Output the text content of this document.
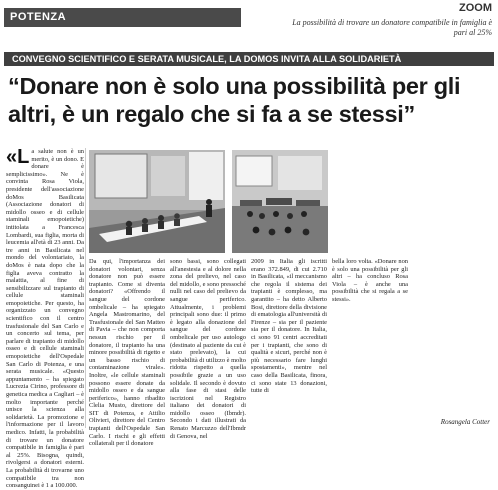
POTENZA
ZOOM
La possibilità di trovare un donatore compatibile in famiglia è pari al 25%
CONVEGNO SCIENTIFICO E SERATA MUSICALE, LA DOMOS INVITA ALLA SOLIDARIETÀ
“Donare non è solo una possibilità per gli altri, è un regalo che si fa a se stessi”
«La salute non è un merito, è un dono. E donare è semplicissimo». Ne è convinta Rosa Viola, presidente dell'associazione doMos Basilicata (Associazione donatori di midollo osseo e di cellule staminali emopoietiche) intitolata a Francesca Lombardi, sua figlia, morta di leucemia all'età di 23 anni. Da tre anni in Basilicata nel mondo del volontariato, la doMos è nata dopo che la figlia aveva contratto la malattia, al fine di sensibilizzare sul trapianto di cellule staminali emopoietiche. Per questo, ha organizzato un convegno scientifico con il centro trasfusionale del San Carlo e un concerto sul tema, per parlare di trapianto di midollo osseo e di cellule staminali emopoietiche dell'Ospedale San Carlo di Potenza, e una serata musicale. «Questo appuntamento – ha spiegato Lucrezia Cirino, professore di genetica medica a Cagliari – è molto importante perché unisce la scienza alla solidarietà. La promozione e l'informazione per il lavoro medico. Infatti, la probabilità di trovare un donatore compatibile in famiglia è pari al 25%. Bisogna, quindi, rivolgersi a donatori esterni. La probabilità di trovarne uno compatibile tra non consanguinei è 1 a 100.000.
Da qui, l'importanza dei donatori volontari, senza donatore non può essere trapianto. Come si diventa donatori? «Offrendo il sangue del cordone ombelicale – ha spiegato Angela Mastromarino, del Trasfusionale del San Matteo di Pavia – che non comporta nessun rischio per il donatore, il trapianto ha una minore possibilità di rigetto e un basso rischio di contaminazione virale». Inoltre, «le cellule staminali possono essere donate da midollo osseo e da sangue periferico», hanno ribadito Clelia Musto, direttore del SIT di Potenza, e Attilio Olivieri, direttore del Centro trapianti dell'Ospedale San Carlo. I rischi e gli effetti collaterali per il donatore
sono bassi, sono collegati all'anestesia e al dolore nella zona del prelievo, nel caso del midollo, e sono pressoché nulli nel caso del prelievo da sangue periferico. Attualmente, i problemi principali sono due: il primo è legato alla donazione del sangue del cordone ombelicale per uso autologo (destinato al paziente da cui è stato prelevato), la cui probabilità di utilizzo è molto ridotta rispetto a quella possibile grazie a un uso solidale. Il secondo è dovuto alla fase di stasi delle iscrizioni nel Registro italiano dei donatori di midollo osseo (Ibmdr). Secondo i dati illustrati da Renato Marcuzzo dell'Ibmdr di Genova, nel
2009 in Italia gli iscritti erano 372.849, di cui 2.710 in Basilicata, «il meccanismo che regola il sistema dei trapianti è complesso, ma garantito – ha detto Alberto Bosi, direttore della divisione di ematologia all'università di Firenze – sia per il paziente sia per il donatore. In Italia, ci sono 91 centri accreditati per i trapianti, che sono di qualità e sicuri, perché non è più necessario fare lunghi spostamenti», mentre nel caso della Basilicata, finora, ci sono state 13 donazioni, tutte di
bella loro volta. «Donare non è solo una possibilità per gli altri – ha concluso Rosa Viola – è anche una possibilità che si regala a se stessi».
Rosangela Cotter
